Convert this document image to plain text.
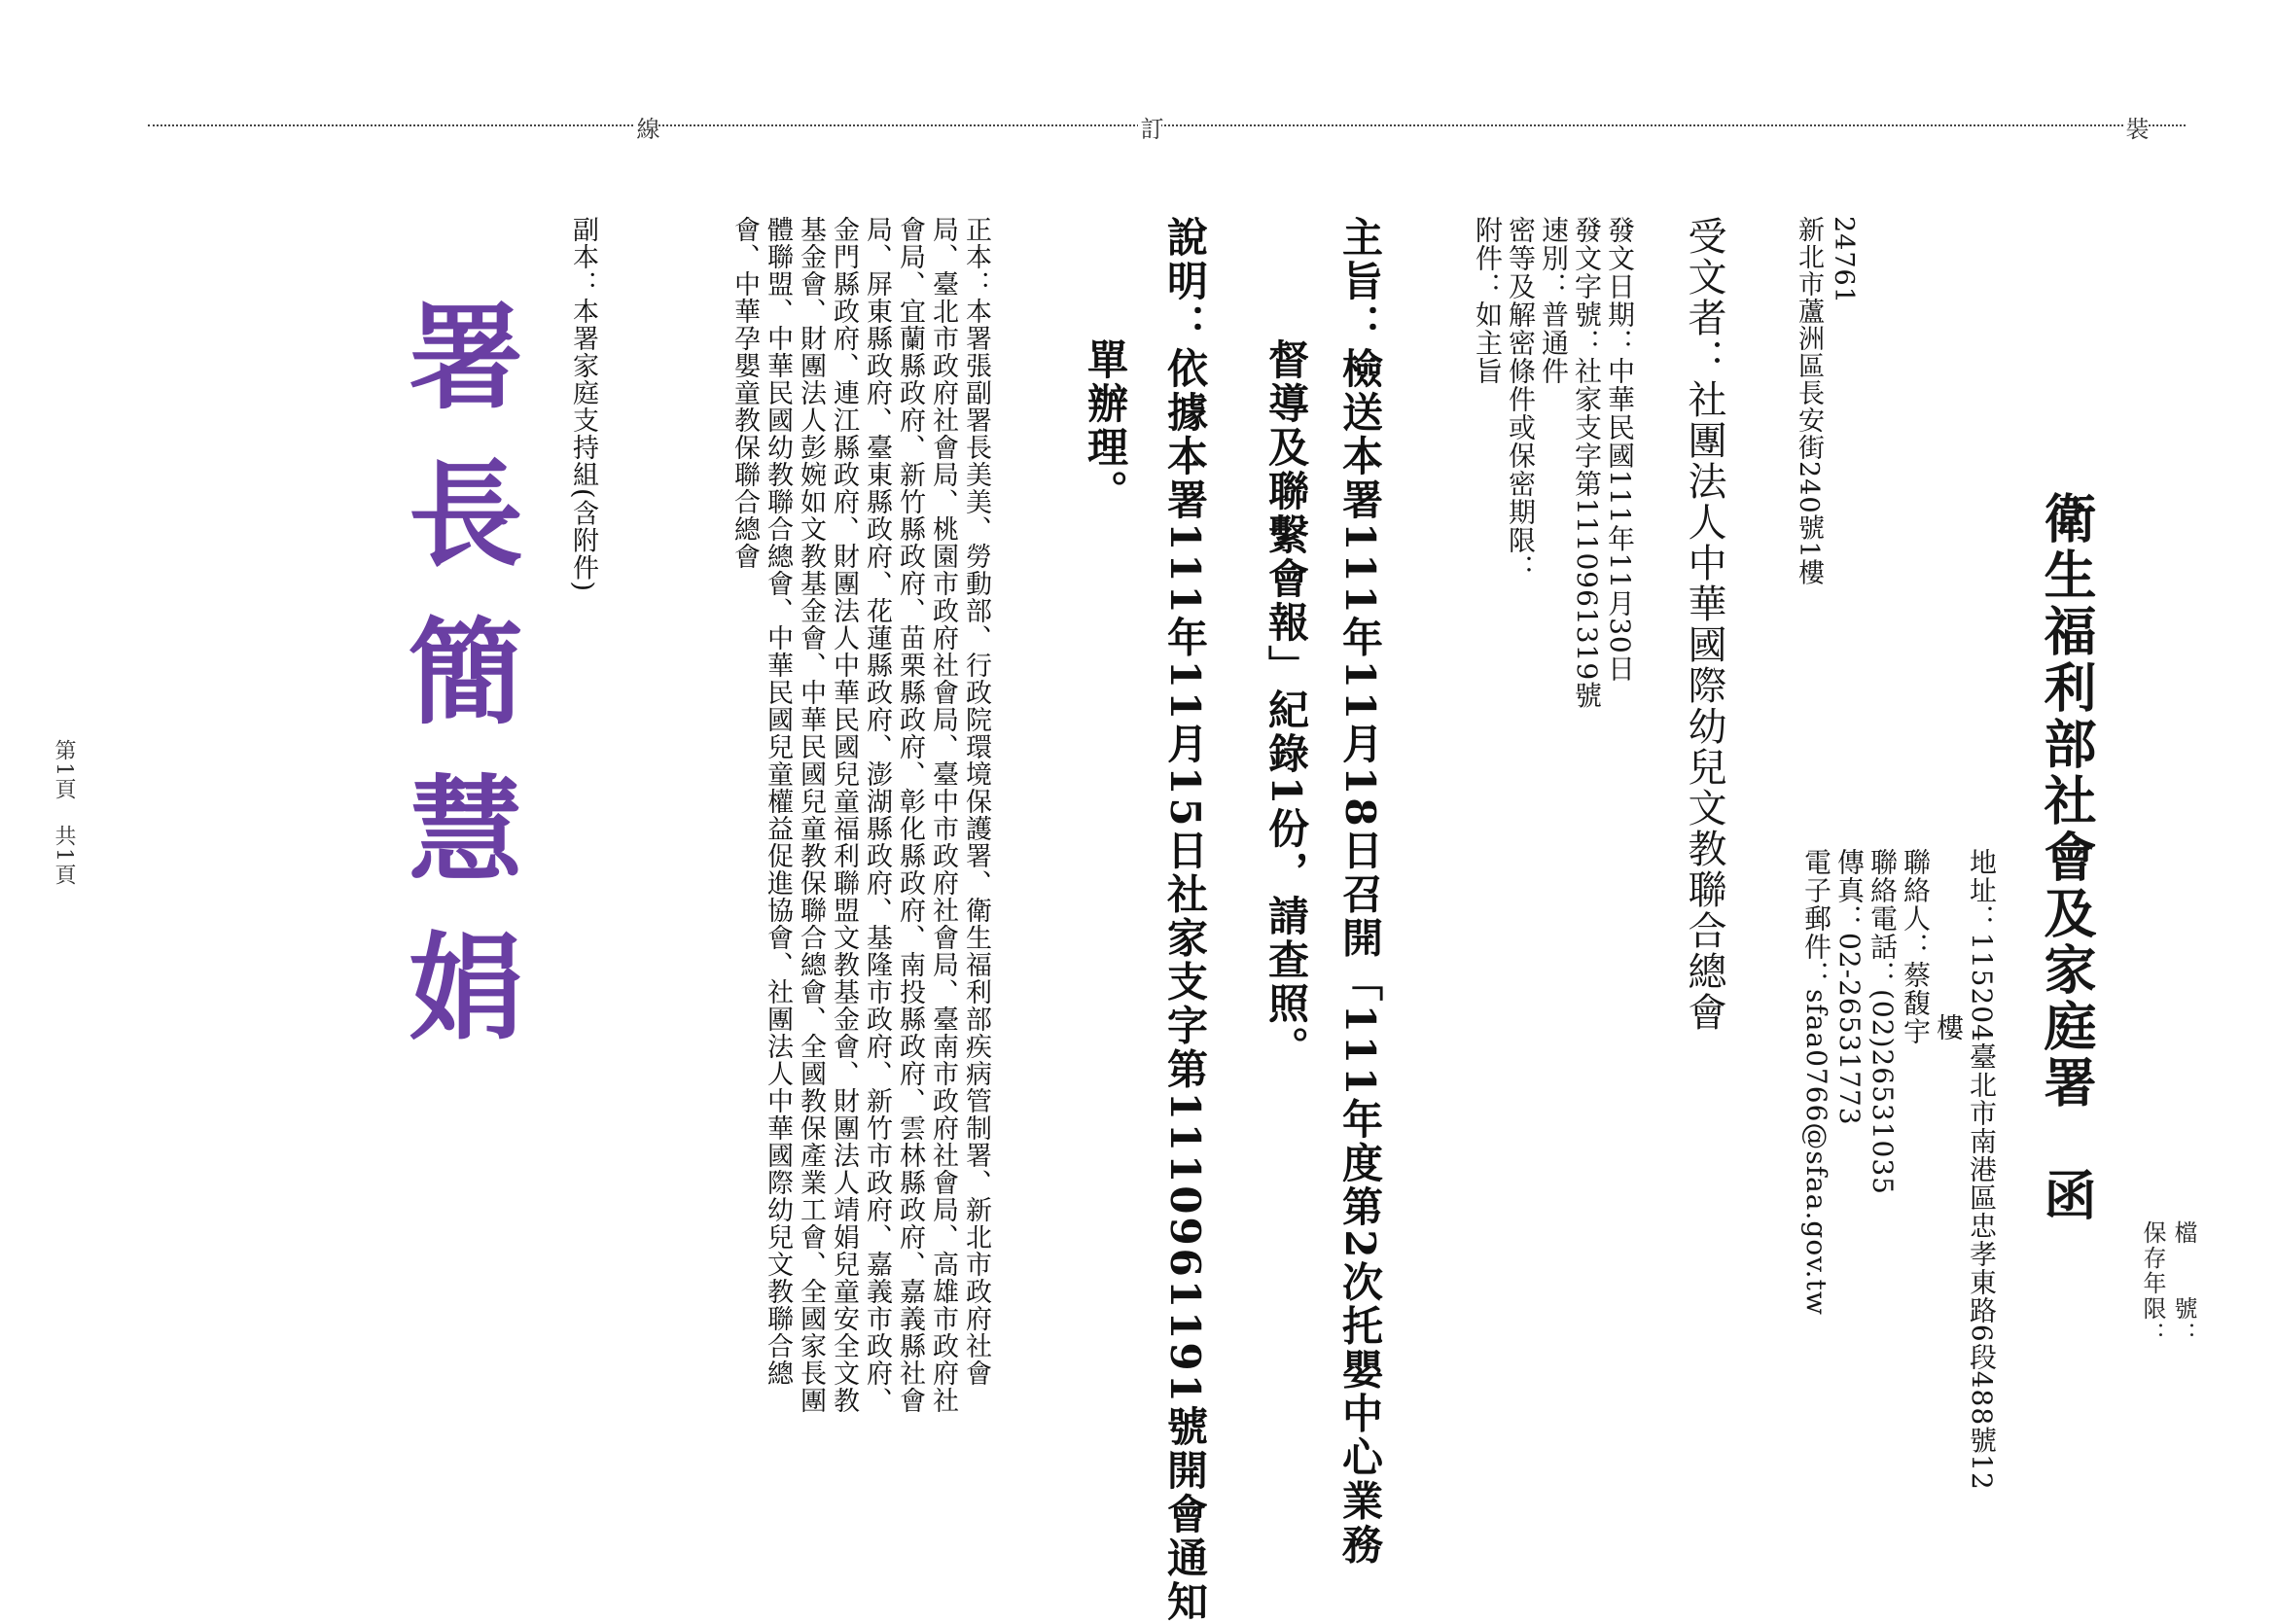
裝
訂
線

檔　　號：

保存年限：

衛生福利部社會及家庭署　函

地址：115204臺北市南港區忠孝東路6段488號12

樓

聯絡人：蔡馥宇

聯絡電話：(02)26531035

傳真：02-26531773

電子郵件：sfaa0766@sfaa.gov.tw

24761

新北市蘆洲區長安街240號1樓

受文者：社團法人中華國際幼兒文教聯合總會

發文日期：中華民國111年11月30日

發文字號：社家支字第1110961319號

速別：普通件

密等及解密條件或保密期限：

附件：如主旨

主旨：檢送本署111年11月18日召開「111年度第2次托嬰中心業務

督導及聯繫會報」紀錄1份，請查照。

說明：依據本署111年11月15日社家支字第1110961191號開會通知

單辦理。

正本：本署張副署長美美、勞動部、行政院環境保護署、衛生福利部疾病管制署、新北市政府社會局、臺北市政府社會局、桃園市政府社會局、臺中市政府社會局、臺南市政府社會局、高雄市政府社會局、宜蘭縣政府、新竹縣政府、苗栗縣政府、彰化縣政府、南投縣政府、雲林縣政府、嘉義縣社會局、屏東縣政府、臺東縣政府、花蓮縣政府、澎湖縣政府、基隆市政府、新竹市政府、嘉義市政府、金門縣政府、連江縣政府、財團法人中華民國兒童福利聯盟文教基金會、財團法人靖娟兒童安全文教基金會、財團法人彭婉如文教基金會、中華民國兒童教保聯合總會、全國教保產業工會、全國家長團體聯盟、中華民國幼教聯合總會、中華民國兒童權益促進協會、社團法人中華國際幼兒文教聯合總會、中華孕嬰童教保聯合總會

副本：本署家庭支持組(含附件)

署長簡慧娟

第1頁　共1頁
